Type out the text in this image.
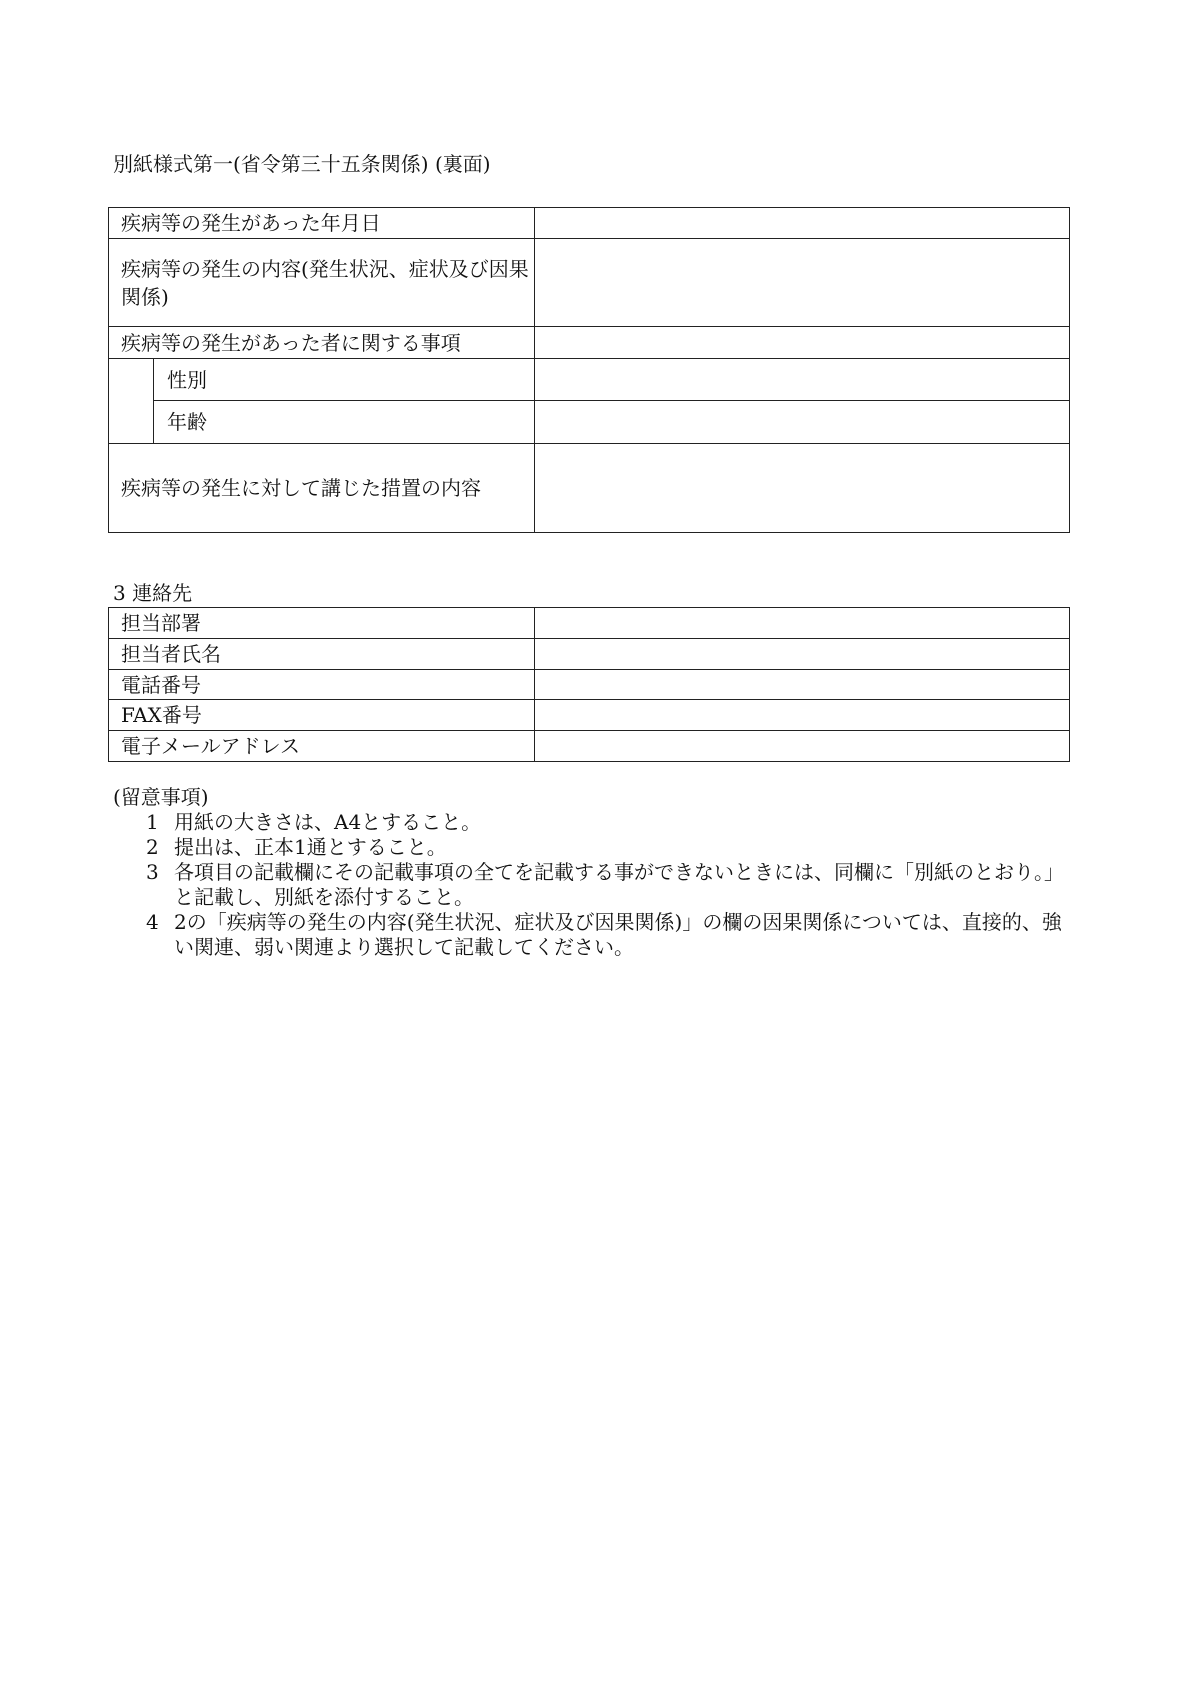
別紙様式第一(省令第三十五条関係) (裏面)
疾病等の発生があった年月日		
疾病等の発生の内容(発生状況、症状及び因果関係)		
疾病等の発生があった者に関する事項		
	性別	
	年齢	
疾病等の発生に対して講じた措置の内容		
3 連絡先
担当部署	
担当者氏名	
電話番号	
FAX番号	
電子メールアドレス	
(留意事項)
1 用紙の大きさは、A4とすること。
2 提出は、正本1通とすること。
3 各項目の記載欄にその記載事項の全てを記載する事ができないときには、同欄に「別紙のとおり。」と記載し、別紙を添付すること。
4 2の「疾病等の発生の内容(発生状況、症状及び因果関係)」の欄の因果関係については、直接的、強い関連、弱い関連より選択して記載してください。
